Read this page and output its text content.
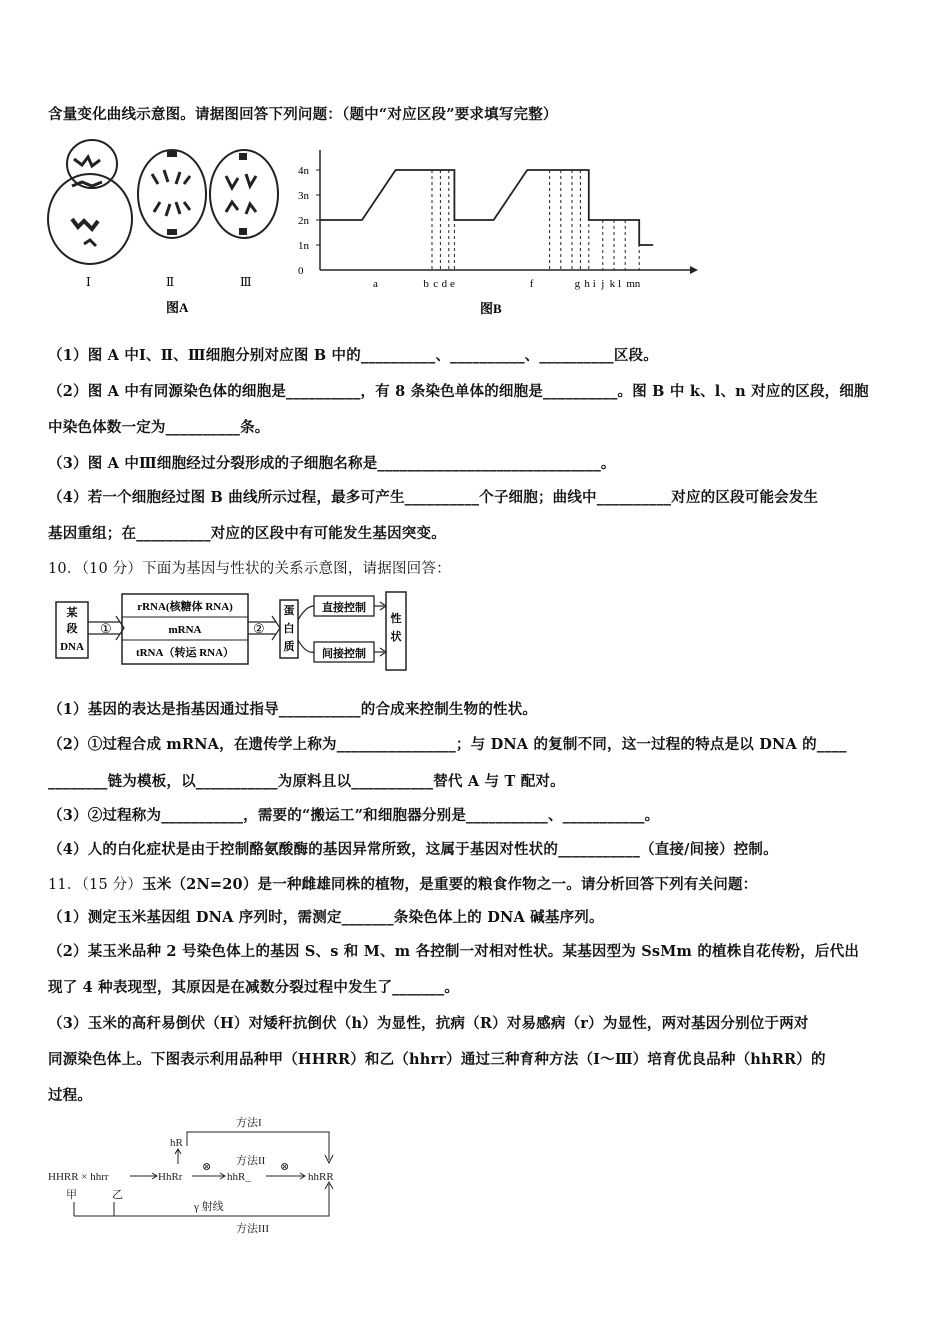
含量变化曲线示意图。请据图回答下列问题：（题中“对应区段”要求填写完整）
Ⅰ	Ⅱ	Ⅲ
图A
4n
3n
2n
1n
0
a	b c d e	f	g h i j k l m n
图B
（1）图 A 中Ⅰ、Ⅱ、Ⅲ细胞分别对应图 B 中的__________、__________、__________区段。
（2）图 A 中有同源染色体的细胞是__________，有 8 条染色单体的细胞是__________。图 B 中 k、l、n 对应的区段，细胞
中染色体数一定为__________条。
（3）图 A 中Ⅲ细胞经过分裂形成的子细胞名称是______________________________。
（4）若一个细胞经过图 B 曲线所示过程，最多可产生__________个子细胞；曲线中__________对应的区段可能会发生
基因重组；在__________对应的区段中有可能发生基因突变。
10．（10 分）下面为基因与性状的关系示意图，请据图回答：
某
段
DNA
①
rRNA(核糖体 RNA)
mRNA
tRNA（转运 RNA）
②
蛋
白
质
直接控制
间接控制
性
状
（1）基因的表达是指基因通过指导___________的合成来控制生物的性状。
（2）①过程合成 mRNA，在遗传学上称为________________；与 DNA 的复制不同，这一过程的特点是以 DNA 的____
________链为模板，以___________为原料且以___________替代 A 与 T 配对。
（3）②过程称为___________，需要的“搬运工”和细胞器分别是___________、___________。
（4）人的白化症状是由于控制酪氨酸酶的基因异常所致，这属于基因对性状的___________（直接/间接）控制。
11．（15 分）玉米（2N=20）是一种雌雄同株的植物，是重要的粮食作物之一。请分析回答下列有关问题：
（1）测定玉米基因组 DNA 序列时，需测定_______条染色体上的 DNA 碱基序列。
（2）某玉米品种 2 号染色体上的基因 S、s 和 M、m 各控制一对相对性状。某基因型为 SsMm 的植株自花传粉，后代出
现了 4 种表现型，其原因是在减数分裂过程中发生了_______。
（3）玉米的高秆易倒伏（H）对矮秆抗倒伏（h）为显性，抗病（R）对易感病（r）为显性，两对基因分别位于两对
同源染色体上。下图表示利用品种甲（HHRR）和乙（hhrr）通过三种育种方法（Ⅰ～Ⅲ）培育优良品种（hhRR）的
过程。
方法I
hR
HHRR × hhrr	HhRr
⊗ 方法II
hhR_
⊗
hhRR
甲	乙
γ 射线
方法III
